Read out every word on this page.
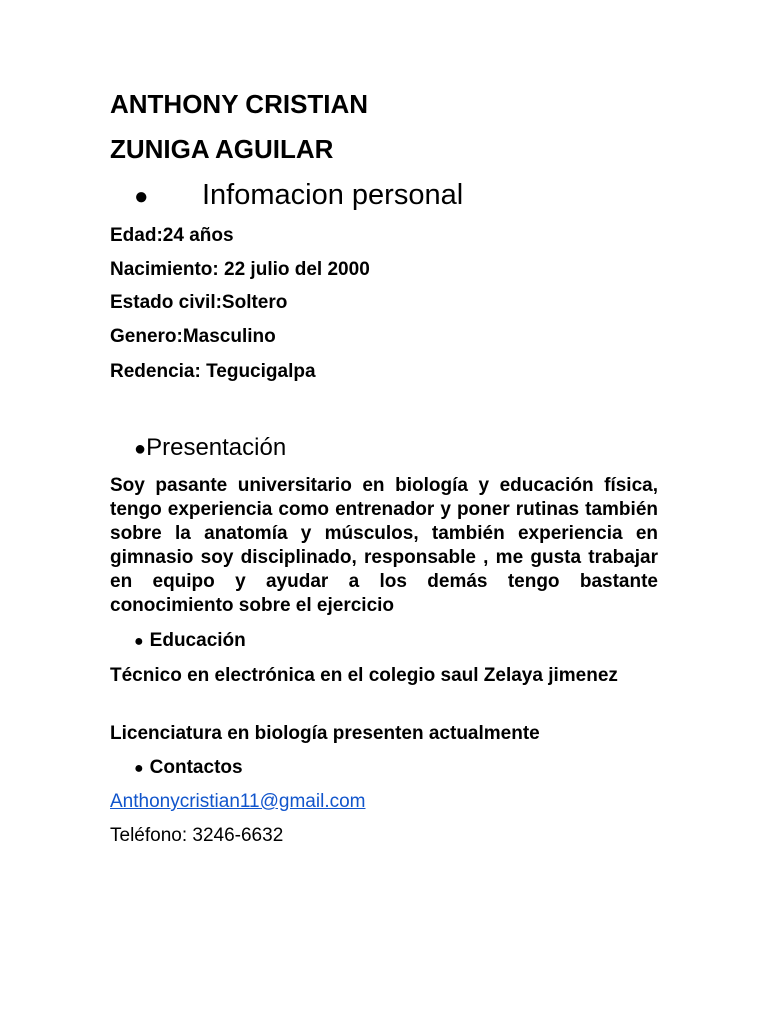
ANTHONY CRISTIAN
ZUNIGA AGUILAR
● Infomacion personal
Edad:24 años
Nacimiento: 22 julio del 2000
Estado civil:Soltero
Genero:Masculino
Redencia: Tegucigalpa
●Presentación
Soy pasante universitario en biología y educación física, tengo experiencia como entrenador y poner rutinas también sobre la anatomía y músculos, también experiencia en gimnasio soy disciplinado, responsable , me gusta trabajar en equipo y ayudar a los demás tengo bastante conocimiento sobre el ejercicio
● Educación
Técnico en electrónica en el colegio saul Zelaya jimenez
Licenciatura en biología presenten actualmente
● Contactos
Anthonycristian11@gmail.com
Teléfono: 3246-6632
